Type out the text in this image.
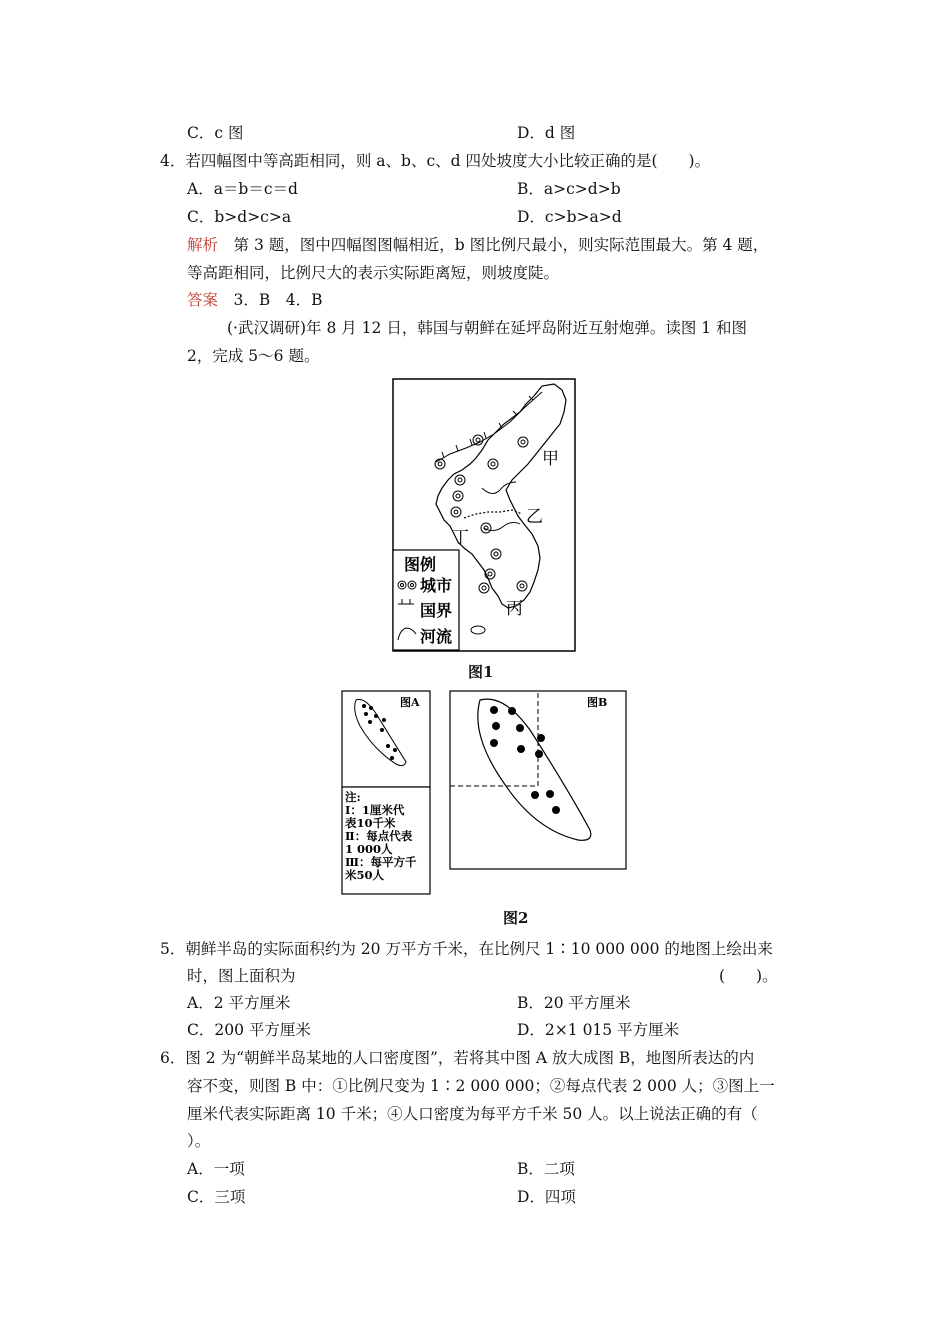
C．c 图	D．d 图
4．若四幅图中等高距相同，则 a、b、c、d 四处坡度大小比较正确的是(　　)。
A．a＝b＝c＝d	B．a>c>d>b
C．b>d>c>a	D．c>b>a>d
解析　第 3 题，图中四幅图图幅相近，b 图比例尺最小，则实际范围最大。第 4 题，
等高距相同，比例尺大的表示实际距离短，则坡度陡。
答案　3．B　4．B
(·武汉调研)年 8 月 12 日，韩国与朝鲜在延坪岛附近互射炮弹。读图 1 和图
2，完成 5～6 题。
甲
乙
丙
丁
图例
城市
国界
河流
图1
图A
注:
Ⅰ：1厘米代
表10千米
Ⅱ：每点代表
1 000人
Ⅲ：每平方千
米50人
图B
图2
5．朝鲜半岛的实际面积约为 20 万平方千米，在比例尺 1∶10 000 000 的地图上绘出来
时，图上面积为	(　　)。
A．2 平方厘米	B．20 平方厘米
C．200 平方厘米	D．2×1 015 平方厘米
6．图 2 为“朝鲜半岛某地的人口密度图”，若将其中图 A 放大成图 B，地图所表达的内
容不变，则图 B 中：①比例尺变为 1∶2 000 000；②每点代表 2 000 人；③图上一
厘米代表实际距离 10 千米；④人口密度为每平方千米 50 人。以上说法正确的有（
）。
A．一项	B．二项
C．三项	D．四项
